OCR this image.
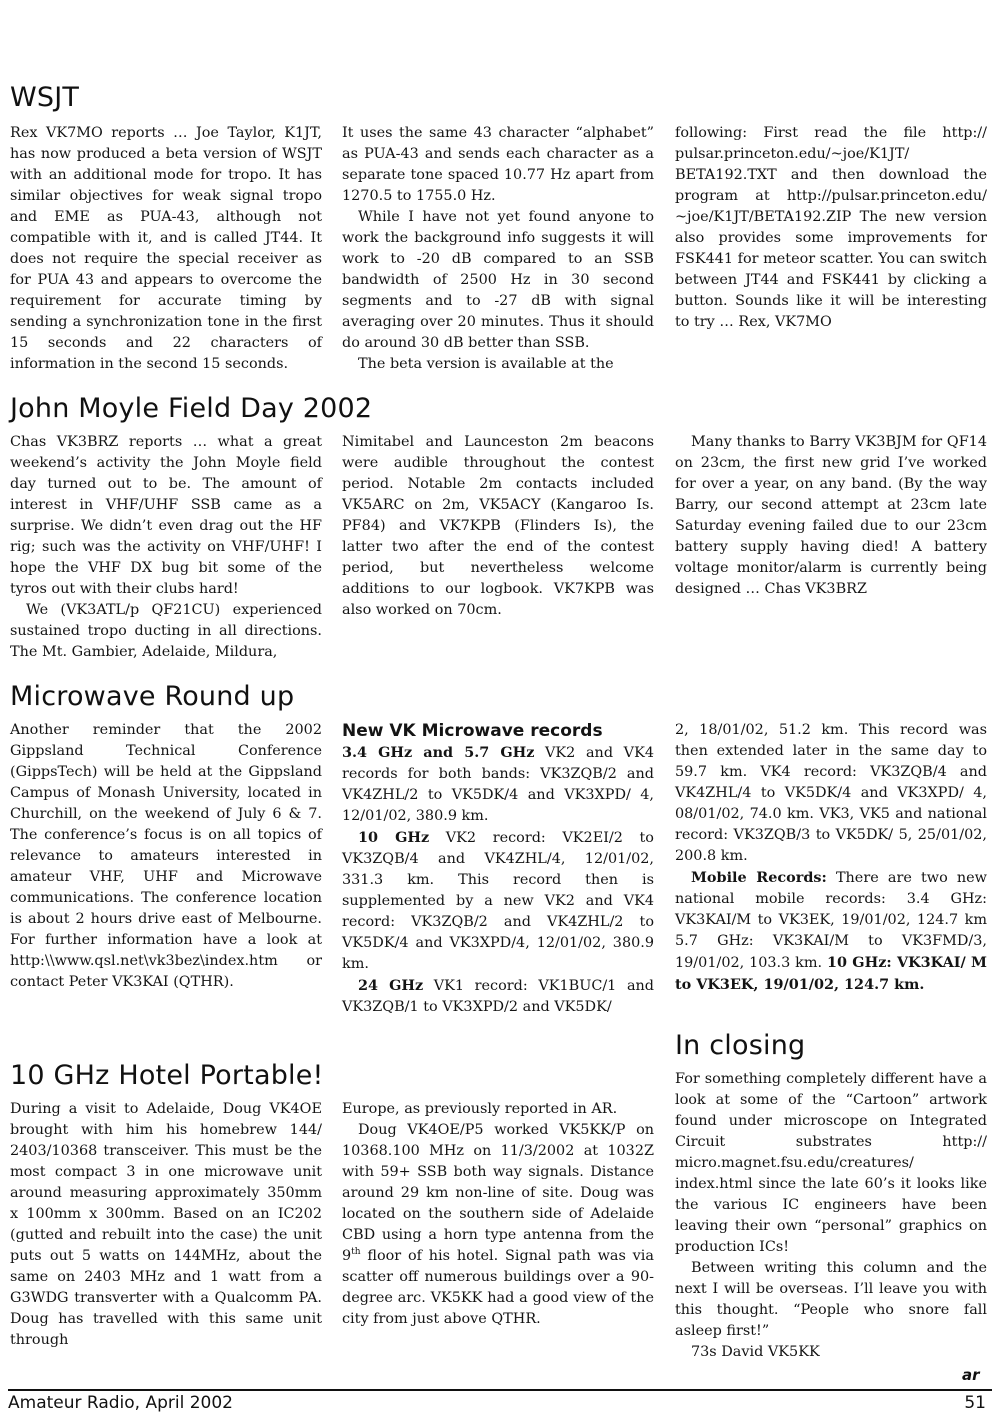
WSJT

Rex VK7MO reports … Joe Taylor, K1JT, has now produced a beta version of WSJT with an additional mode for tropo. It has similar objectives for weak signal tropo and EME as PUA-43, although not compatible with it, and is called JT44. It does not require the special receiver as for PUA 43 and appears to overcome the requirement for accurate timing by sending a synchronization tone in the first 15 seconds and 22 characters of information in the second 15 seconds.

It uses the same 43 character “alphabet” as PUA-43 and sends each character as a separate tone spaced 10.77 Hz apart from 1270.5 to 1755.0 Hz.

While I have not yet found anyone to work the background info suggests it will work to -20 dB compared to an SSB bandwidth of 2500 Hz in 30 second segments and to -27 dB with signal averaging over 20 minutes. Thus it should do around 30 dB better than SSB.

The beta version is available at the

following: First read the file http:// pulsar.princeton.edu/~joe/K1JT/ BETA192.TXT and then download the program at http://pulsar.princeton.edu/ ~joe/K1JT/BETA192.ZIP The new version also provides some improvements for FSK441 for meteor scatter. You can switch between JT44 and FSK441 by clicking a button. Sounds like it will be interesting to try … Rex, VK7MO

John Moyle Field Day 2002

Chas VK3BRZ reports … what a great weekend’s activity the John Moyle field day turned out to be. The amount of interest in VHF/UHF SSB came as a surprise. We didn’t even drag out the HF rig; such was the activity on VHF/UHF! I hope the VHF DX bug bit some of the tyros out with their clubs hard!

We (VK3ATL/p QF21CU) experienced sustained tropo ducting in all directions. The Mt. Gambier, Adelaide, Mildura,

Nimitabel and Launceston 2m beacons were audible throughout the contest period. Notable 2m contacts included VK5ARC on 2m, VK5ACY (Kangaroo Is. PF84) and VK7KPB (Flinders Is), the latter two after the end of the contest period, but nevertheless welcome additions to our logbook. VK7KPB was also worked on 70cm.

Many thanks to Barry VK3BJM for QF14 on 23cm, the first new grid I’ve worked for over a year, on any band. (By the way Barry, our second attempt at 23cm late Saturday evening failed due to our 23cm battery supply having died! A battery voltage monitor/alarm is currently being designed … Chas VK3BRZ

Microwave Round up

Another reminder that the 2002 Gippsland Technical Conference (GippsTech) will be held at the Gippsland Campus of Monash University, located in Churchill, on the weekend of July 6 & 7. The conference’s focus is on all topics of relevance to amateurs interested in amateur VHF, UHF and Microwave communications. The conference location is about 2 hours drive east of Melbourne. For further information have a look at http:\\www.qsl.net\vk3bez\index.htm or contact Peter VK3KAI (QTHR).

New VK Microwave records

3.4 GHz and 5.7 GHz VK2 and VK4 records for both bands: VK3ZQB/2 and VK4ZHL/2 to VK5DK/4 and VK3XPD/ 4, 12/01/02, 380.9 km.

10 GHz VK2 record: VK2EI/2 to VK3ZQB/4 and VK4ZHL/4, 12/01/02, 331.3 km. This record then is supplemented by a new VK2 and VK4 record: VK3ZQB/2 and VK4ZHL/2 to VK5DK/4 and VK3XPD/4, 12/01/02, 380.9 km.

24 GHz VK1 record: VK1BUC/1 and VK3ZQB/1 to VK3XPD/2 and VK5DK/

2, 18/01/02, 51.2 km. This record was then extended later in the same day to 59.7 km. VK4 record: VK3ZQB/4 and VK4ZHL/4 to VK5DK/4 and VK3XPD/ 4, 08/01/02, 74.0 km. VK3, VK5 and national record: VK3ZQB/3 to VK5DK/ 5, 25/01/02, 200.8 km.

Mobile Records: There are two new national mobile records: 3.4 GHz: VK3KAI/M to VK3EK, 19/01/02, 124.7 km 5.7 GHz: VK3KAI/M to VK3FMD/3, 19/01/02, 103.3 km. 10 GHz: VK3KAI/ M to VK3EK, 19/01/02, 124.7 km.

10 GHz Hotel Portable!

During a visit to Adelaide, Doug VK4OE brought with him his homebrew 144/ 2403/10368 transceiver. This must be the most compact 3 in one microwave unit around measuring approximately 350mm x 100mm x 300mm. Based on an IC202 (gutted and rebuilt into the case) the unit puts out 5 watts on 144MHz, about the same on 2403 MHz and 1 watt from a G3WDG transverter with a Qualcomm PA. Doug has travelled with this same unit through

Europe, as previously reported in AR.

Doug VK4OE/P5 worked VK5KK/P on 10368.100 MHz on 11/3/2002 at 1032Z with 59+ SSB both way signals. Distance around 29 km non-line of site. Doug was located on the southern side of Adelaide CBD using a horn type antenna from the 9th floor of his hotel. Signal path was via scatter off numerous buildings over a 90-degree arc. VK5KK had a good view of the city from just above QTHR.

In closing

For something completely different have a look at some of the “Cartoon” artwork found under microscope on Integrated Circuit substrates http:// micro.magnet.fsu.edu/creatures/ index.html since the late 60’s it looks like the various IC engineers have been leaving their own “personal” graphics on production ICs!

Between writing this column and the next I will be overseas. I’ll leave you with this thought. “People who snore fall asleep first!”

73s David VK5KK

ar
Amateur Radio, April 2002	51
